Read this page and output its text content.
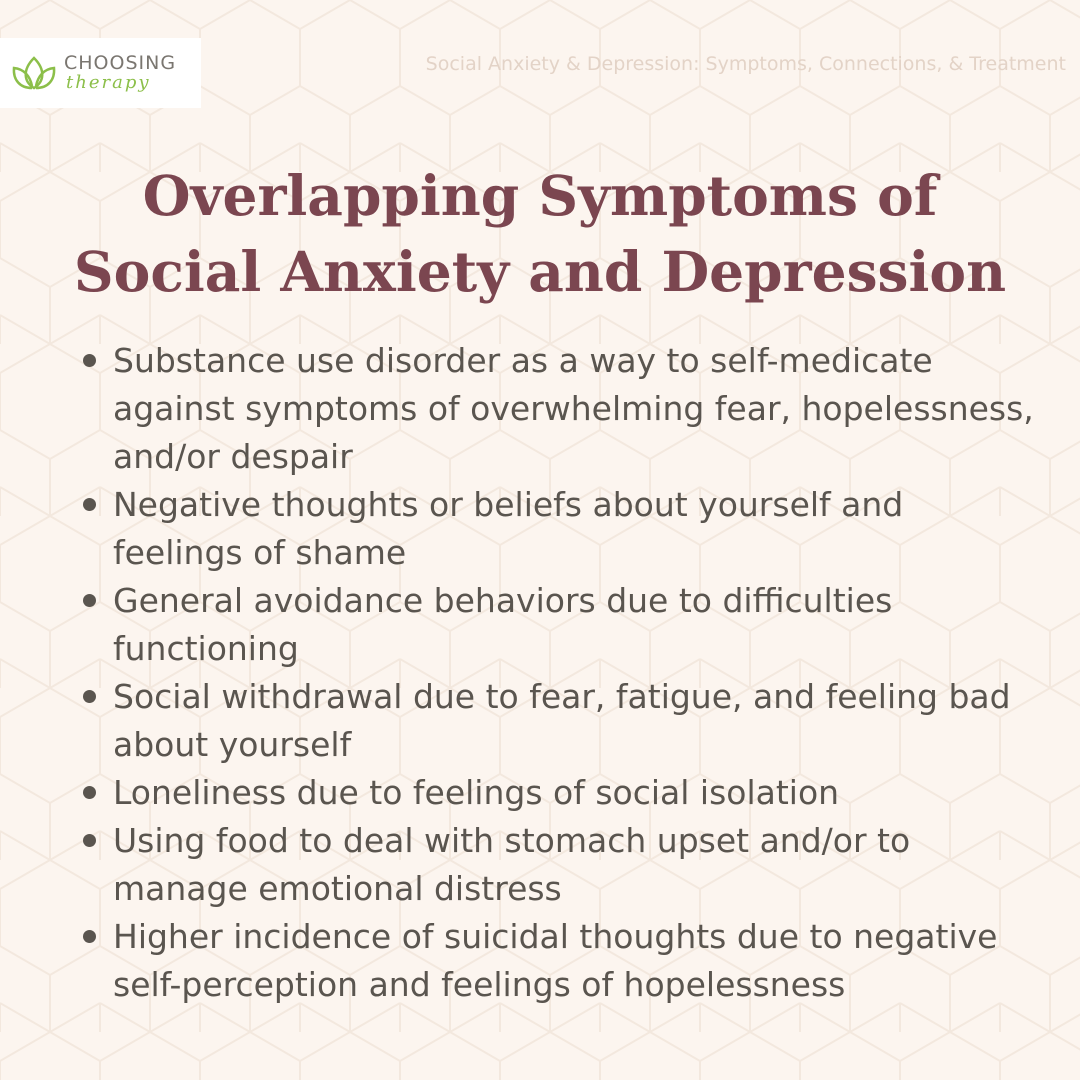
CHOOSING
therapy
Social Anxiety & Depression: Symptoms, Connections, & Treatment
Overlapping Symptoms of
Social Anxiety and Depression
Substance use disorder as a way to self-medicate against symptoms of overwhelming fear, hopelessness, and/or despair
Negative thoughts or beliefs about yourself and feelings of shame
General avoidance behaviors due to difficulties functioning
Social withdrawal due to fear, fatigue, and feeling bad about yourself
Loneliness due to feelings of social isolation
Using food to deal with stomach upset and/or to manage emotional distress
Higher incidence of suicidal thoughts due to negative self-perception and feelings of hopelessness
